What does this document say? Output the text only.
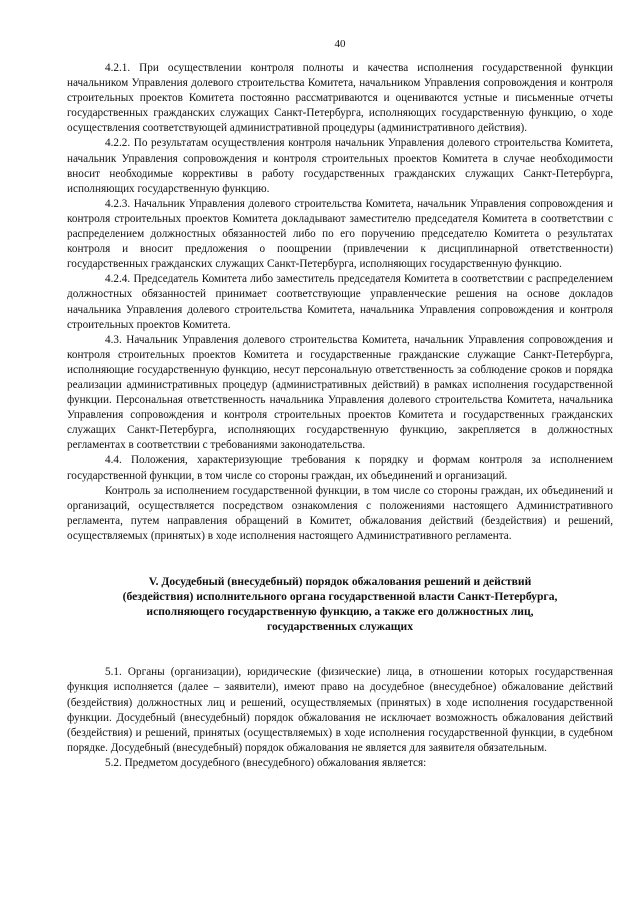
40

4.2.1. При осуществлении контроля полноты и качества исполнения государственной функции начальником Управления долевого строительства Комитета, начальником Управления сопровождения и контроля строительных проектов Комитета постоянно рассматриваются и оцениваются устные и письменные отчеты государственных гражданских служащих Санкт-Петербурга, исполняющих государственную функцию, о ходе осуществления соответствующей административной процедуры (административного действия).

4.2.2. По результатам осуществления контроля начальник Управления долевого строительства Комитета, начальник Управления сопровождения и контроля строительных проектов Комитета в случае необходимости вносит необходимые коррективы в работу государственных гражданских служащих Санкт-Петербурга, исполняющих государственную функцию.

4.2.3. Начальник Управления долевого строительства Комитета, начальник Управления сопровождения и контроля строительных проектов Комитета докладывают заместителю председателя Комитета в соответствии с распределением должностных обязанностей либо по его поручению председателю Комитета о результатах контроля и вносит предложения о поощрении (привлечении к дисциплинарной ответственности) государственных гражданских служащих Санкт-Петербурга, исполняющих государственную функцию.

4.2.4. Председатель Комитета либо заместитель председателя Комитета в соответствии с распределением должностных обязанностей принимает соответствующие управленческие решения на основе докладов начальника Управления долевого строительства Комитета, начальника Управления сопровождения и контроля строительных проектов Комитета.

4.3. Начальник Управления долевого строительства Комитета, начальник Управления сопровождения и контроля строительных проектов Комитета и государственные гражданские служащие Санкт-Петербурга, исполняющие государственную функцию, несут персональную ответственность за соблюдение сроков и порядка реализации административных процедур (административных действий) в рамках исполнения государственной функции. Персональная ответственность начальника Управления долевого строительства Комитета, начальника Управления сопровождения и контроля строительных проектов Комитета и государственных гражданских служащих Санкт-Петербурга, исполняющих государственную функцию, закрепляется в должностных регламентах в соответствии с требованиями законодательства.

4.4. Положения, характеризующие требования к порядку и формам контроля за исполнением государственной функции, в том числе со стороны граждан, их объединений и организаций.

Контроль за исполнением государственной функции, в том числе со стороны граждан, их объединений и организаций, осуществляется посредством ознакомления с положениями настоящего Административного регламента, путем направления обращений в Комитет, обжалования действий (бездействия) и решений, осуществляемых (принятых) в ходе исполнения настоящего Административного регламента.

V. Досудебный (внесудебный) порядок обжалования решений и действий
(бездействия) исполнительного органа государственной власти Санкт-Петербурга,
исполняющего государственную функцию, а также его должностных лиц,
государственных служащих

5.1. Органы (организации), юридические (физические) лица, в отношении которых государственная функция исполняется (далее – заявители), имеют право на досудебное (внесудебное) обжалование действий (бездействия) должностных лиц и решений, осуществляемых (принятых) в ходе исполнения государственной функции. Досудебный (внесудебный) порядок обжалования не исключает возможность обжалования действий (бездействия) и решений, принятых (осуществляемых) в ходе исполнения государственной функции, в судебном порядке. Досудебный (внесудебный) порядок обжалования не является для заявителя обязательным.

5.2. Предметом досудебного (внесудебного) обжалования является:
